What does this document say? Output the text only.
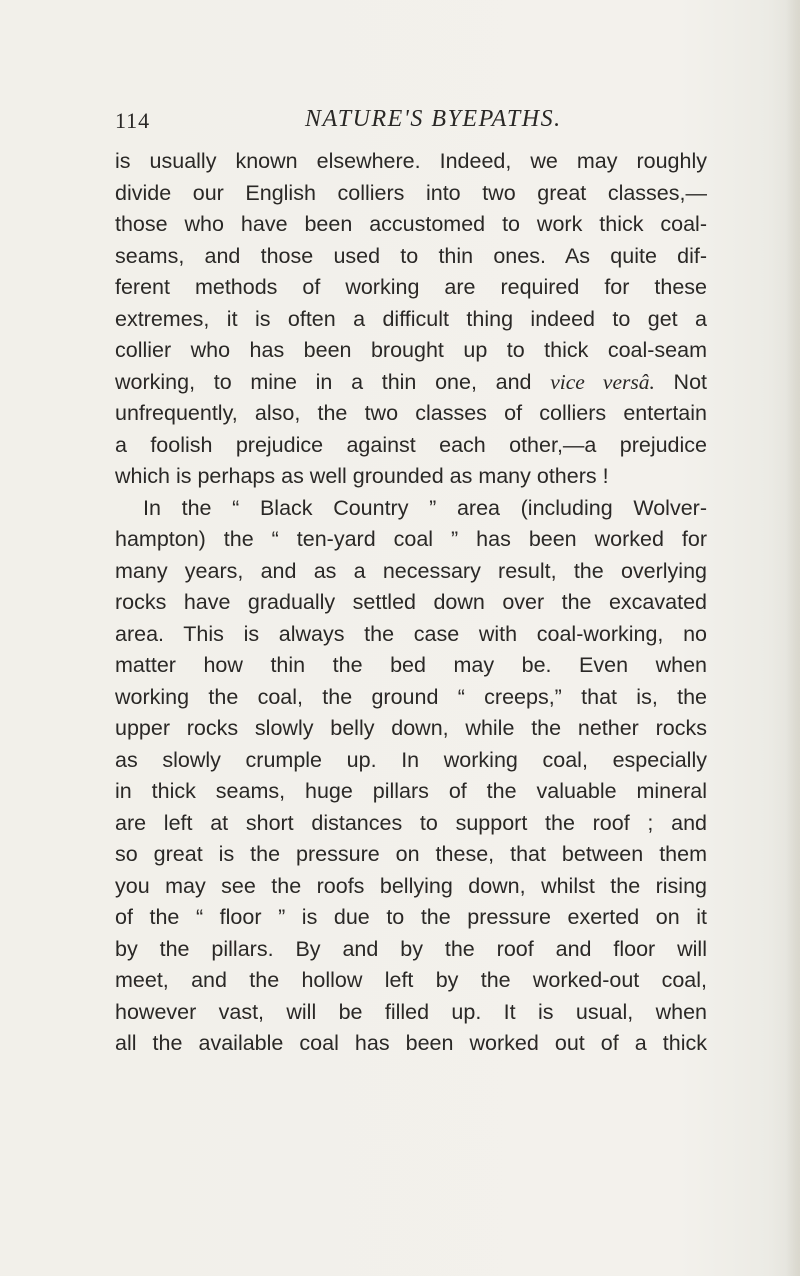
114	NATURE'S BYEPATHS.
is usually known elsewhere. Indeed, we may roughly
divide our English colliers into two great classes,—
those who have been accustomed to work thick coal-
seams, and those used to thin ones. As quite dif-
ferent methods of working are required for these
extremes, it is often a difficult thing indeed to get a
collier who has been brought up to thick coal-seam
working, to mine in a thin one, and vice versâ. Not
unfrequently, also, the two classes of colliers entertain
a foolish prejudice against each other,—a prejudice
which is perhaps as well grounded as many others !
In the “ Black Country ” area (including Wolver-
hampton) the “ ten-yard coal ” has been worked for
many years, and as a necessary result, the overlying
rocks have gradually settled down over the excavated
area. This is always the case with coal-working, no
matter how thin the bed may be. Even when
working the coal, the ground “ creeps,” that is, the
upper rocks slowly belly down, while the nether rocks
as slowly crumple up. In working coal, especially
in thick seams, huge pillars of the valuable mineral
are left at short distances to support the roof ; and
so great is the pressure on these, that between them
you may see the roofs bellying down, whilst the rising
of the “ floor ” is due to the pressure exerted on it
by the pillars. By and by the roof and floor will
meet, and the hollow left by the worked-out coal,
however vast, will be filled up. It is usual, when
all the available coal has been worked out of a thick
